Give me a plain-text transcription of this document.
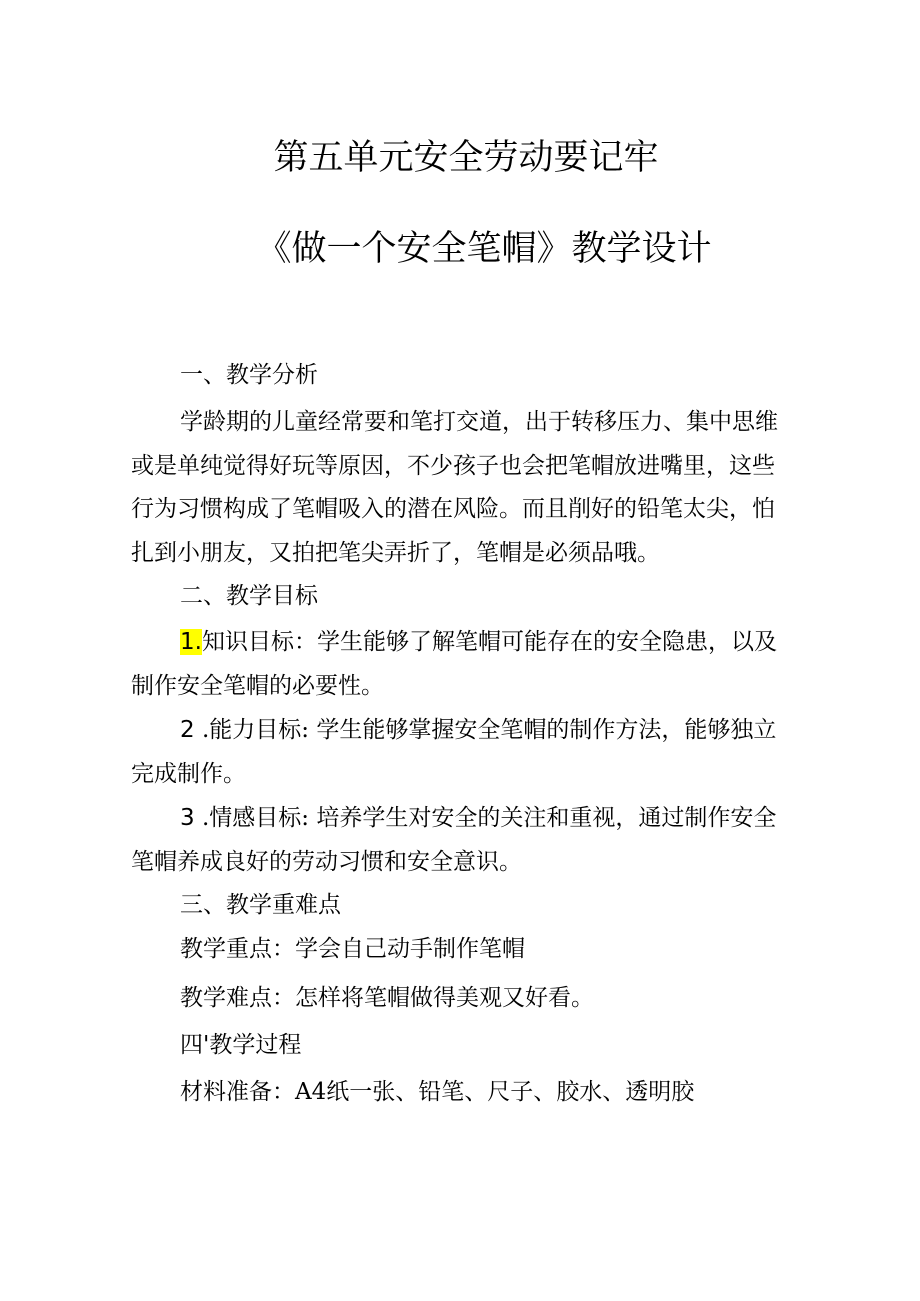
第五单元安全劳动要记牢
《做一个安全笔帽》教学设计
一、教学分析

学龄期的儿童经常要和笔打交道，出于转移压力、集中思维

或是单纯觉得好玩等原因，不少孩子也会把笔帽放进嘴里，这些

行为习惯构成了笔帽吸入的潜在风险。而且削好的铅笔太尖，怕

扎到小朋友，又拍把笔尖弄折了，笔帽是必须品哦。

二、教学目标

1.知识目标：学生能够了解笔帽可能存在的安全隐患，以及

制作安全笔帽的必要性。

2 .能力目标: 学生能够掌握安全笔帽的制作方法，能够独立

完成制作。

3 .情感目标: 培养学生对安全的关注和重视，通过制作安全

笔帽养成良好的劳动习惯和安全意识。

三、教学重难点

教学重点：学会自己动手制作笔帽

教学难点：怎样将笔帽做得美观又好看。

四'教学过程

材料准备：A4纸一张、铅笔、尺子、胶水、透明胶
